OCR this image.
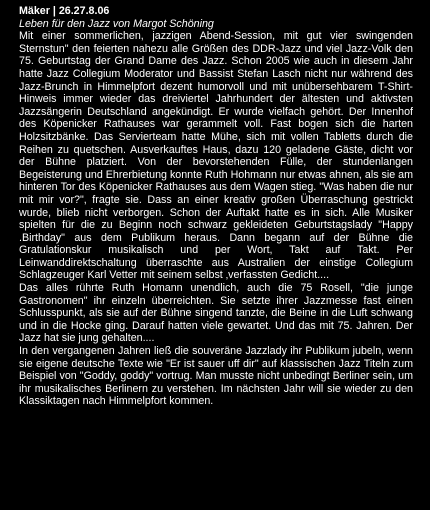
Mäker | 26.27.8.06

Leben für den Jazz von Margot Schöning

Mit einer sommerlichen, jazzigen Abend-Session, mit gut vier swingenden Sternstun" den feierten nahezu alle Größen des DDR-Jazz und viel Jazz-Volk den 75. Geburtstag der Grand Dame des Jazz. Schon 2005 wie auch in diesem Jahr hatte Jazz Collegium Moderator und Bassist Stefan Lasch nicht nur während des Jazz-Brunch in Himmelpfort dezent humorvoll und mit unübersehbarem T-Shirt-Hinweis immer wieder das dreiviertel Jahrhundert der ältesten und aktivsten Jazzsängerin Deutschland angekündigt. Er wurde vielfach gehört. Der Innenhof des Köpenicker Rathauses war gerammelt voll. Fast bogen sich die harten Holzsitzbänke. Das Servierteam hatte Mühe, sich mit vollen Tabletts durch die Reihen zu quetschen. Ausverkauftes Haus, dazu 120 geladene Gäste, dicht vor der Bühne platziert. Von der bevorstehenden Fülle, der stundenlangen Begeisterung und Ehrerbietung konnte Ruth Hohmann nur etwas ahnen, als sie am hinteren Tor des Köpenicker Rathauses aus dem Wagen stieg. "Was haben die nur mit mir vor?", fragte sie. Dass an einer kreativ großen Überraschung gestrickt wurde, blieb nicht verborgen. Schon der Auftakt hatte es in sich. Alle Musiker spielten für die zu Beginn noch schwarz gekleideten Geburtstagslady "Happy .Birthday" aus dem Publikum heraus. Dann begann auf der Bühne die Gratulationskur musikalisch und per Wort, Takt auf Takt. Per Leinwanddirektschaltung überraschte aus Australien der einstige Collegium Schlagzeuger Karl Vetter mit seinem selbst ‚verfassten Gedicht....

Das alles rührte Ruth Homann unendlich, auch die 75 Rosell, "die junge Gastronomen" ihr einzeln überreichten. Sie setzte ihrer Jazzmesse fast einen Schlusspunkt, als sie auf der Bühne singend tanzte, die Beine in die Luft schwang und in die Hocke ging. Darauf hatten viele gewartet. Und das mit 75. Jahren. Der Jazz hat sie jung gehalten....

In den vergangenen Jahren ließ die souveräne Jazzlady ihr Publikum jubeln, wenn sie eigene deutsche Texte wie "Er ist sauer uff dir" auf klassischen Jazz Titeln zum Beispiel von "Goddy, goddy" vortrug. Man musste nicht unbedingt Berliner sein, um ihr musikalisches Berlinern zu verstehen. Im nächsten Jahr will sie wieder zu den Klassiktagen nach Himmelpfort kommen.
